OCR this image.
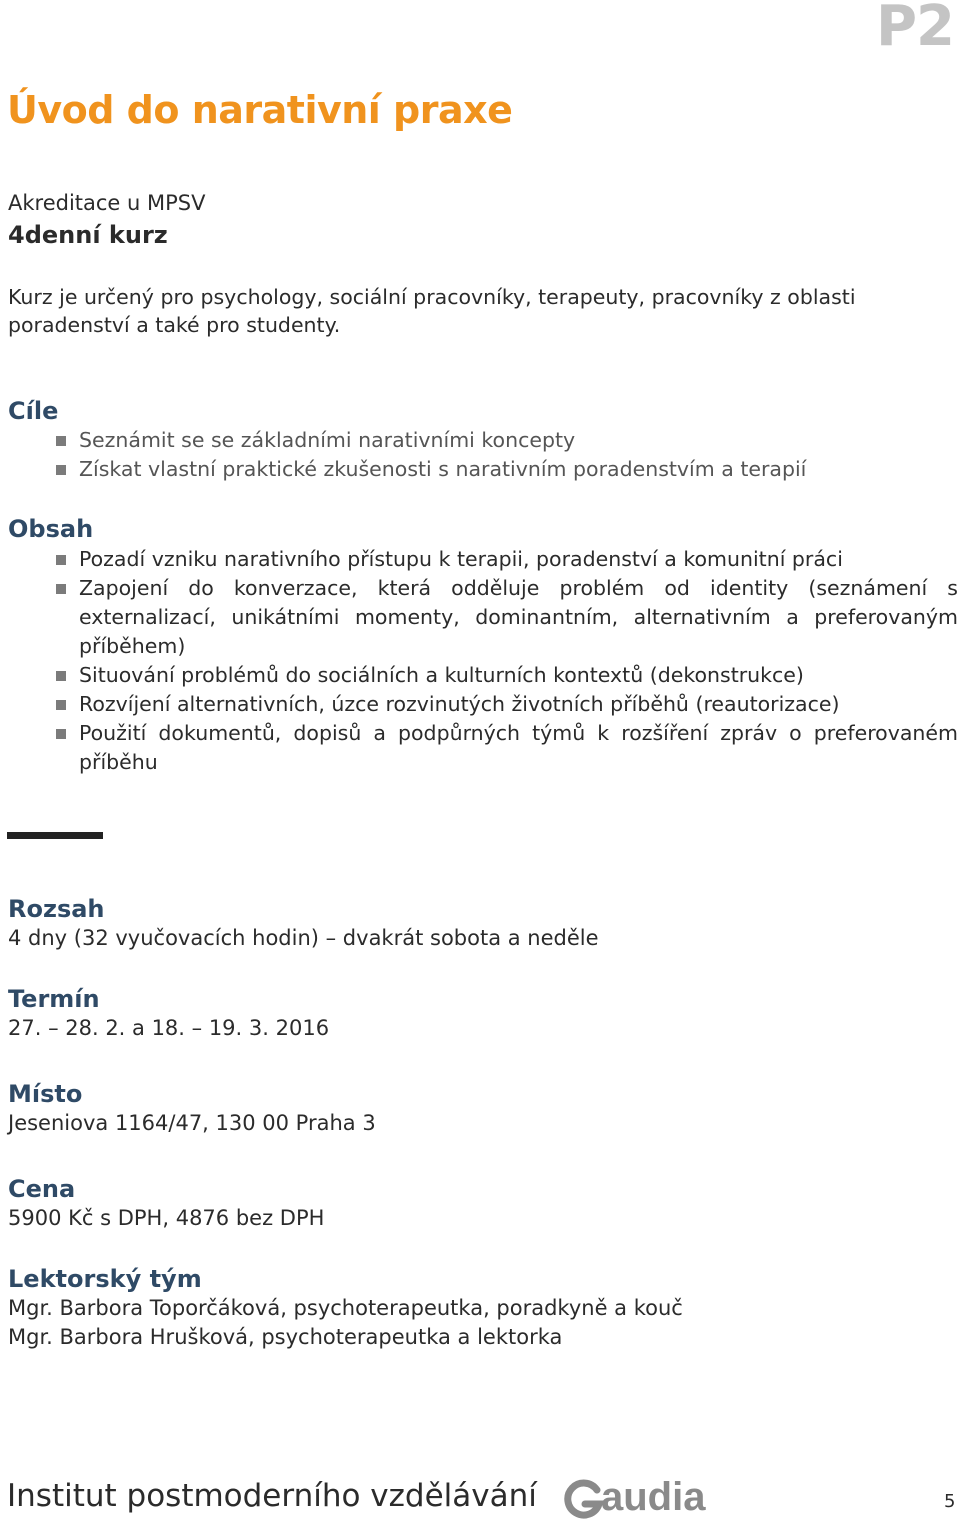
P2
Úvod do narativní praxe
Akreditace u MPSV
4denní kurz
Kurz je určený pro psychology, sociální pracovníky, terapeuty, pracovníky z oblasti poradenství a také pro studenty.
Cíle
Seznámit se se základními narativními koncepty
Získat vlastní praktické zkušenosti s narativním poradenstvím a terapií
Obsah
Pozadí vzniku narativního přístupu k terapii, poradenství a komunitní práci
Zapojení do konverzace, která odděluje problém od identity (seznámení s externalizací, unikátními momenty, dominantním, alternativním a preferovaným příběhem)
Situování problémů do sociálních a kulturních kontextů (dekonstrukce)
Rozvíjení alternativních, úzce rozvinutých životních příběhů (reautorizace)
Použití dokumentů, dopisů a podpůrných týmů k rozšíření zpráv o preferovaném příběhu
Rozsah
4 dny (32 vyučovacích hodin) – dvakrát sobota a neděle
Termín
27. – 28. 2. a 18. – 19. 3. 2016
Místo
Jeseniova 1164/47, 130 00 Praha 3
Cena
5900 Kč s DPH, 4876 bez DPH
Lektorský tým
Mgr. Barbora Toporčáková, psychoterapeutka, poradkyně a kouč
Mgr. Barbora Hrušková, psychoterapeutka a lektorka
Institut postmoderního vzdělávání audia	5
